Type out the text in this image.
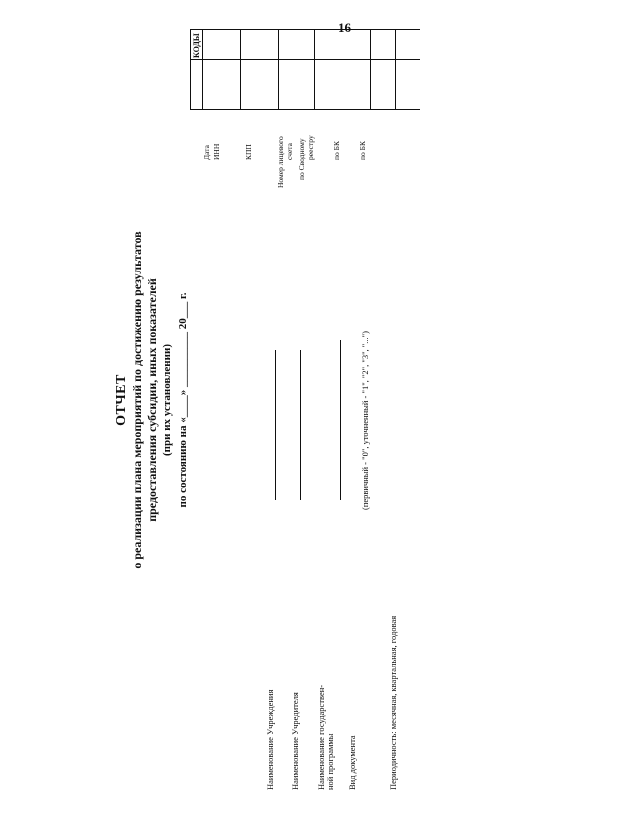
16
ОТЧЕТ о реализации плана мероприятий по достижению результатов предоставления субсидии, иных показателей (при их установлении) по состоянию на «____» __________ 20___ г.
Наименование Учреждения Наименование Учредителя Наименование государствен- ной программы Вид документа
(первичный - "0", уточненный - "1", "2", "3", "...")
Периодичность: месячная, квартальная, годовая
КОДЫ
Дата ИНН	КПП	Номер лицевого счета по Сводному реестру по БК по БК
